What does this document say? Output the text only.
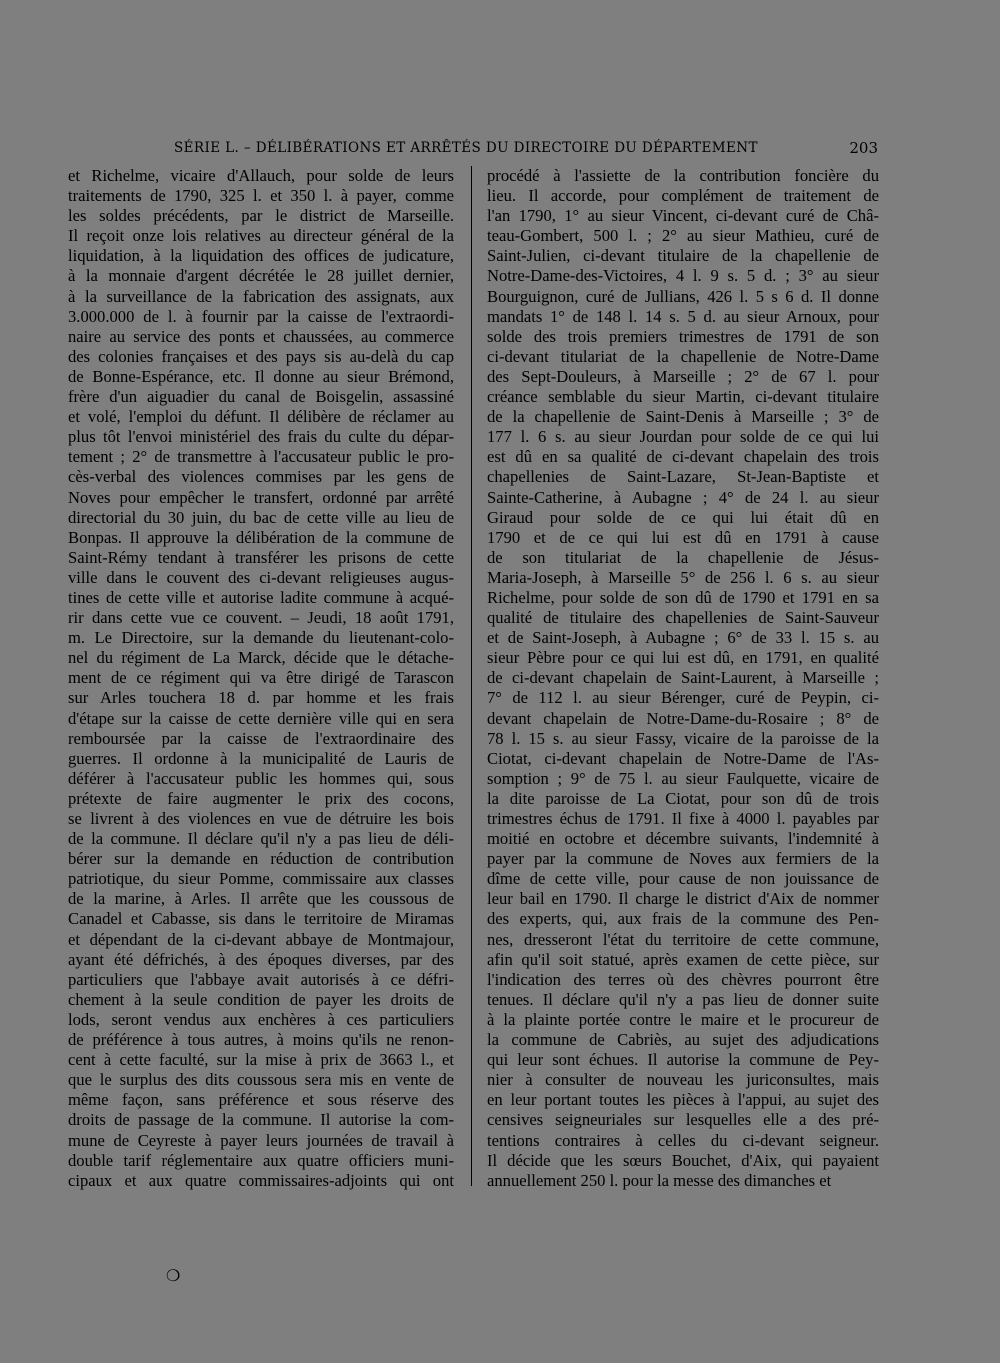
SÉRIE L. – DÉLIBÉRATIONS ET ARRÊTÉS DU DIRECTOIRE DU DÉPARTEMENT	203
et Richelme, vicaire d'Allauch, pour solde de leurs
traitements de 1790, 325 l. et 350 l. à payer, comme
les soldes précédents, par le district de Marseille.
Il reçoit onze lois relatives au directeur général de la
liquidation, à la liquidation des offices de judicature,
à la monnaie d'argent décrétée le 28 juillet dernier,
à la surveillance de la fabrication des assignats, aux
3.000.000 de l. à fournir par la caisse de l'extraordi-
naire au service des ponts et chaussées, au commerce
des colonies françaises et des pays sis au-delà du cap
de Bonne-Espérance, etc. Il donne au sieur Brémond,
frère d'un aiguadier du canal de Boisgelin, assassiné
et volé, l'emploi du défunt. Il délibère de réclamer au
plus tôt l'envoi ministériel des frais du culte du dépar-
tement ; 2° de transmettre à l'accusateur public le pro-
cès-verbal des violences commises par les gens de
Noves pour empêcher le transfert, ordonné par arrêté
directorial du 30 juin, du bac de cette ville au lieu de
Bonpas. Il approuve la délibération de la commune de
Saint-Rémy tendant à transférer les prisons de cette
ville dans le couvent des ci-devant religieuses augus-
tines de cette ville et autorise ladite commune à acqué-
rir dans cette vue ce couvent. – Jeudi, 18 août 1791,
m. Le Directoire, sur la demande du lieutenant-colo-
nel du régiment de La Marck, décide que le détache-
ment de ce régiment qui va être dirigé de Tarascon
sur Arles touchera 18 d. par homme et les frais
d'étape sur la caisse de cette dernière ville qui en sera
remboursée par la caisse de l'extraordinaire des
guerres. Il ordonne à la municipalité de Lauris de
déférer à l'accusateur public les hommes qui, sous
prétexte de faire augmenter le prix des cocons,
se livrent à des violences en vue de détruire les bois
de la commune. Il déclare qu'il n'y a pas lieu de déli-
bérer sur la demande en réduction de contribution
patriotique, du sieur Pomme, commissaire aux classes
de la marine, à Arles. Il arrête que les coussous de
Canadel et Cabasse, sis dans le territoire de Miramas
et dépendant de la ci-devant abbaye de Montmajour,
ayant été défrichés, à des époques diverses, par des
particuliers que l'abbaye avait autorisés à ce défri-
chement à la seule condition de payer les droits de
lods, seront vendus aux enchères à ces particuliers
de préférence à tous autres, à moins qu'ils ne renon-
cent à cette faculté, sur la mise à prix de 3663 l., et
que le surplus des dits coussous sera mis en vente de
même façon, sans préférence et sous réserve des
droits de passage de la commune. Il autorise la com-
mune de Ceyreste à payer leurs journées de travail à
double tarif réglementaire aux quatre officiers muni-
cipaux et aux quatre commissaires-adjoints qui ont
procédé à l'assiette de la contribution foncière du
lieu. Il accorde, pour complément de traitement de
l'an 1790, 1° au sieur Vincent, ci-devant curé de Châ-
teau-Gombert, 500 l. ; 2° au sieur Mathieu, curé de
Saint-Julien, ci-devant titulaire de la chapellenie de
Notre-Dame-des-Victoires, 4 l. 9 s. 5 d. ; 3° au sieur
Bourguignon, curé de Jullians, 426 l. 5 s 6 d. Il donne
mandats 1° de 148 l. 14 s. 5 d. au sieur Arnoux, pour
solde des trois premiers trimestres de 1791 de son
ci-devant titulariat de la chapellenie de Notre-Dame
des Sept-Douleurs, à Marseille ; 2° de 67 l. pour
créance semblable du sieur Martin, ci-devant titulaire
de la chapellenie de Saint-Denis à Marseille ; 3° de
177 l. 6 s. au sieur Jourdan pour solde de ce qui lui
est dû en sa qualité de ci-devant chapelain des trois
chapellenies de Saint-Lazare, St-Jean-Baptiste et
Sainte-Catherine, à Aubagne ; 4° de 24 l. au sieur
Giraud pour solde de ce qui lui était dû en
1790 et de ce qui lui est dû en 1791 à cause
de son titulariat de la chapellenie de Jésus-
Maria-Joseph, à Marseille 5° de 256 l. 6 s. au sieur
Richelme, pour solde de son dû de 1790 et 1791 en sa
qualité de titulaire des chapellenies de Saint-Sauveur
et de Saint-Joseph, à Aubagne ; 6° de 33 l. 15 s. au
sieur Pèbre pour ce qui lui est dû, en 1791, en qualité
de ci-devant chapelain de Saint-Laurent, à Marseille ;
7° de 112 l. au sieur Bérenger, curé de Peypin, ci-
devant chapelain de Notre-Dame-du-Rosaire ; 8° de
78 l. 15 s. au sieur Fassy, vicaire de la paroisse de la
Ciotat, ci-devant chapelain de Notre-Dame de l'As-
somption ; 9° de 75 l. au sieur Faulquette, vicaire de
la dite paroisse de La Ciotat, pour son dû de trois
trimestres échus de 1791. Il fixe à 4000 l. payables par
moitié en octobre et décembre suivants, l'indemnité à
payer par la commune de Noves aux fermiers de la
dîme de cette ville, pour cause de non jouissance de
leur bail en 1790. Il charge le district d'Aix de nommer
des experts, qui, aux frais de la commune des Pen-
nes, dresseront l'état du territoire de cette commune,
afin qu'il soit statué, après examen de cette pièce, sur
l'indication des terres où des chèvres pourront être
tenues. Il déclare qu'il n'y a pas lieu de donner suite
à la plainte portée contre le maire et le procureur de
la commune de Cabriès, au sujet des adjudications
qui leur sont échues. Il autorise la commune de Pey-
nier à consulter de nouveau les juriconsultes, mais
en leur portant toutes les pièces à l'appui, au sujet des
censives seigneuriales sur lesquelles elle a des pré-
tentions contraires à celles du ci-devant seigneur.
Il décide que les sœurs Bouchet, d'Aix, qui payaient
annuellement 250 l. pour la messe des dimanches et
❍
